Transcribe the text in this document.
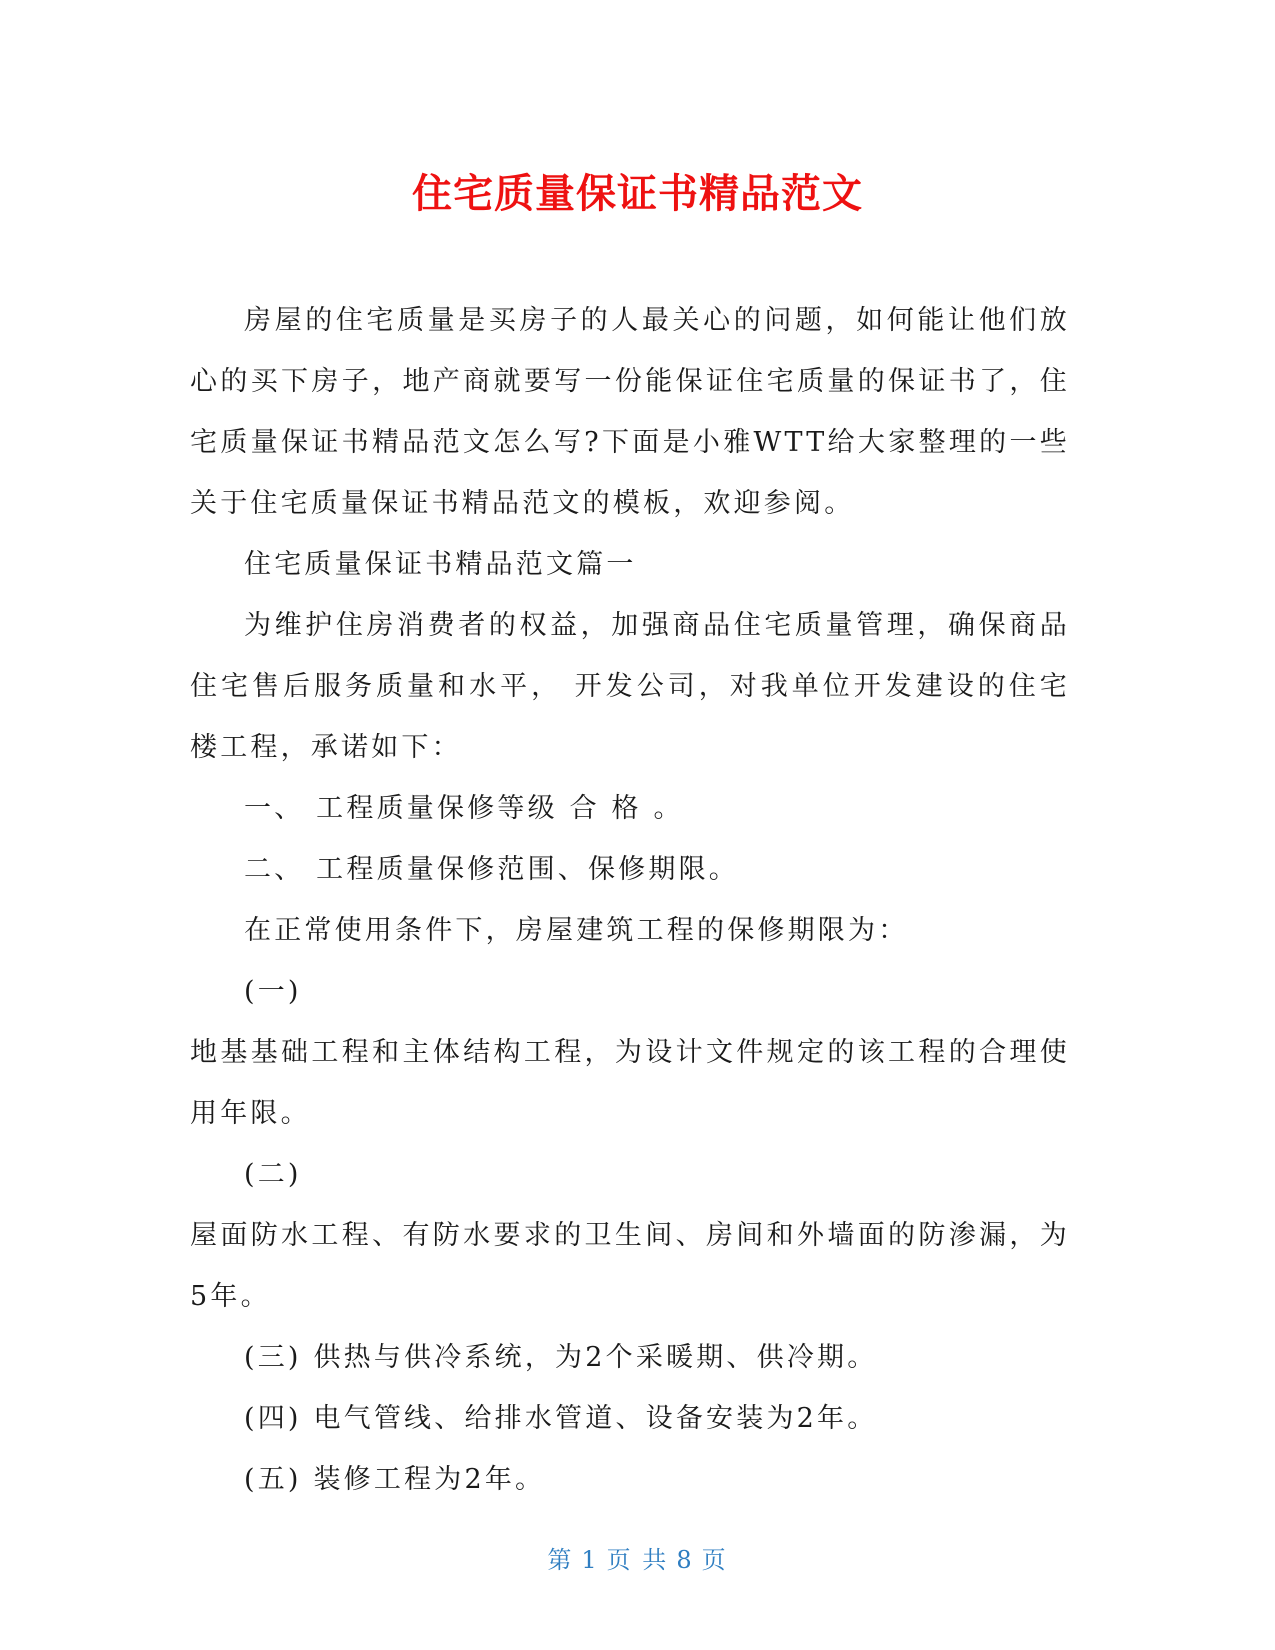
住宅质量保证书精品范文

房屋的住宅质量是买房子的人最关心的问题，如何能让他们放心的买下房子，地产商就要写一份能保证住宅质量的保证书了，住宅质量保证书精品范文怎么写?下面是小雅WTT给大家整理的一些关于住宅质量保证书精品范文的模板，欢迎参阅。

住宅质量保证书精品范文篇一

为维护住房消费者的权益，加强商品住宅质量管理，确保商品住宅售后服务质量和水平， 开发公司，对我单位开发建设的住宅楼工程，承诺如下：

一、 工程质量保修等级 合 格 。

二、 工程质量保修范围、保修期限。

在正常使用条件下，房屋建筑工程的保修期限为：

(一)

地基基础工程和主体结构工程，为设计文件规定的该工程的合理使用年限。

(二)

屋面防水工程、有防水要求的卫生间、房间和外墙面的防渗漏，为5年。

(三) 供热与供冷系统，为2个采暖期、供冷期。

(四) 电气管线、给排水管道、设备安装为2年。

(五) 装修工程为2年。

第 1 页 共 8 页
